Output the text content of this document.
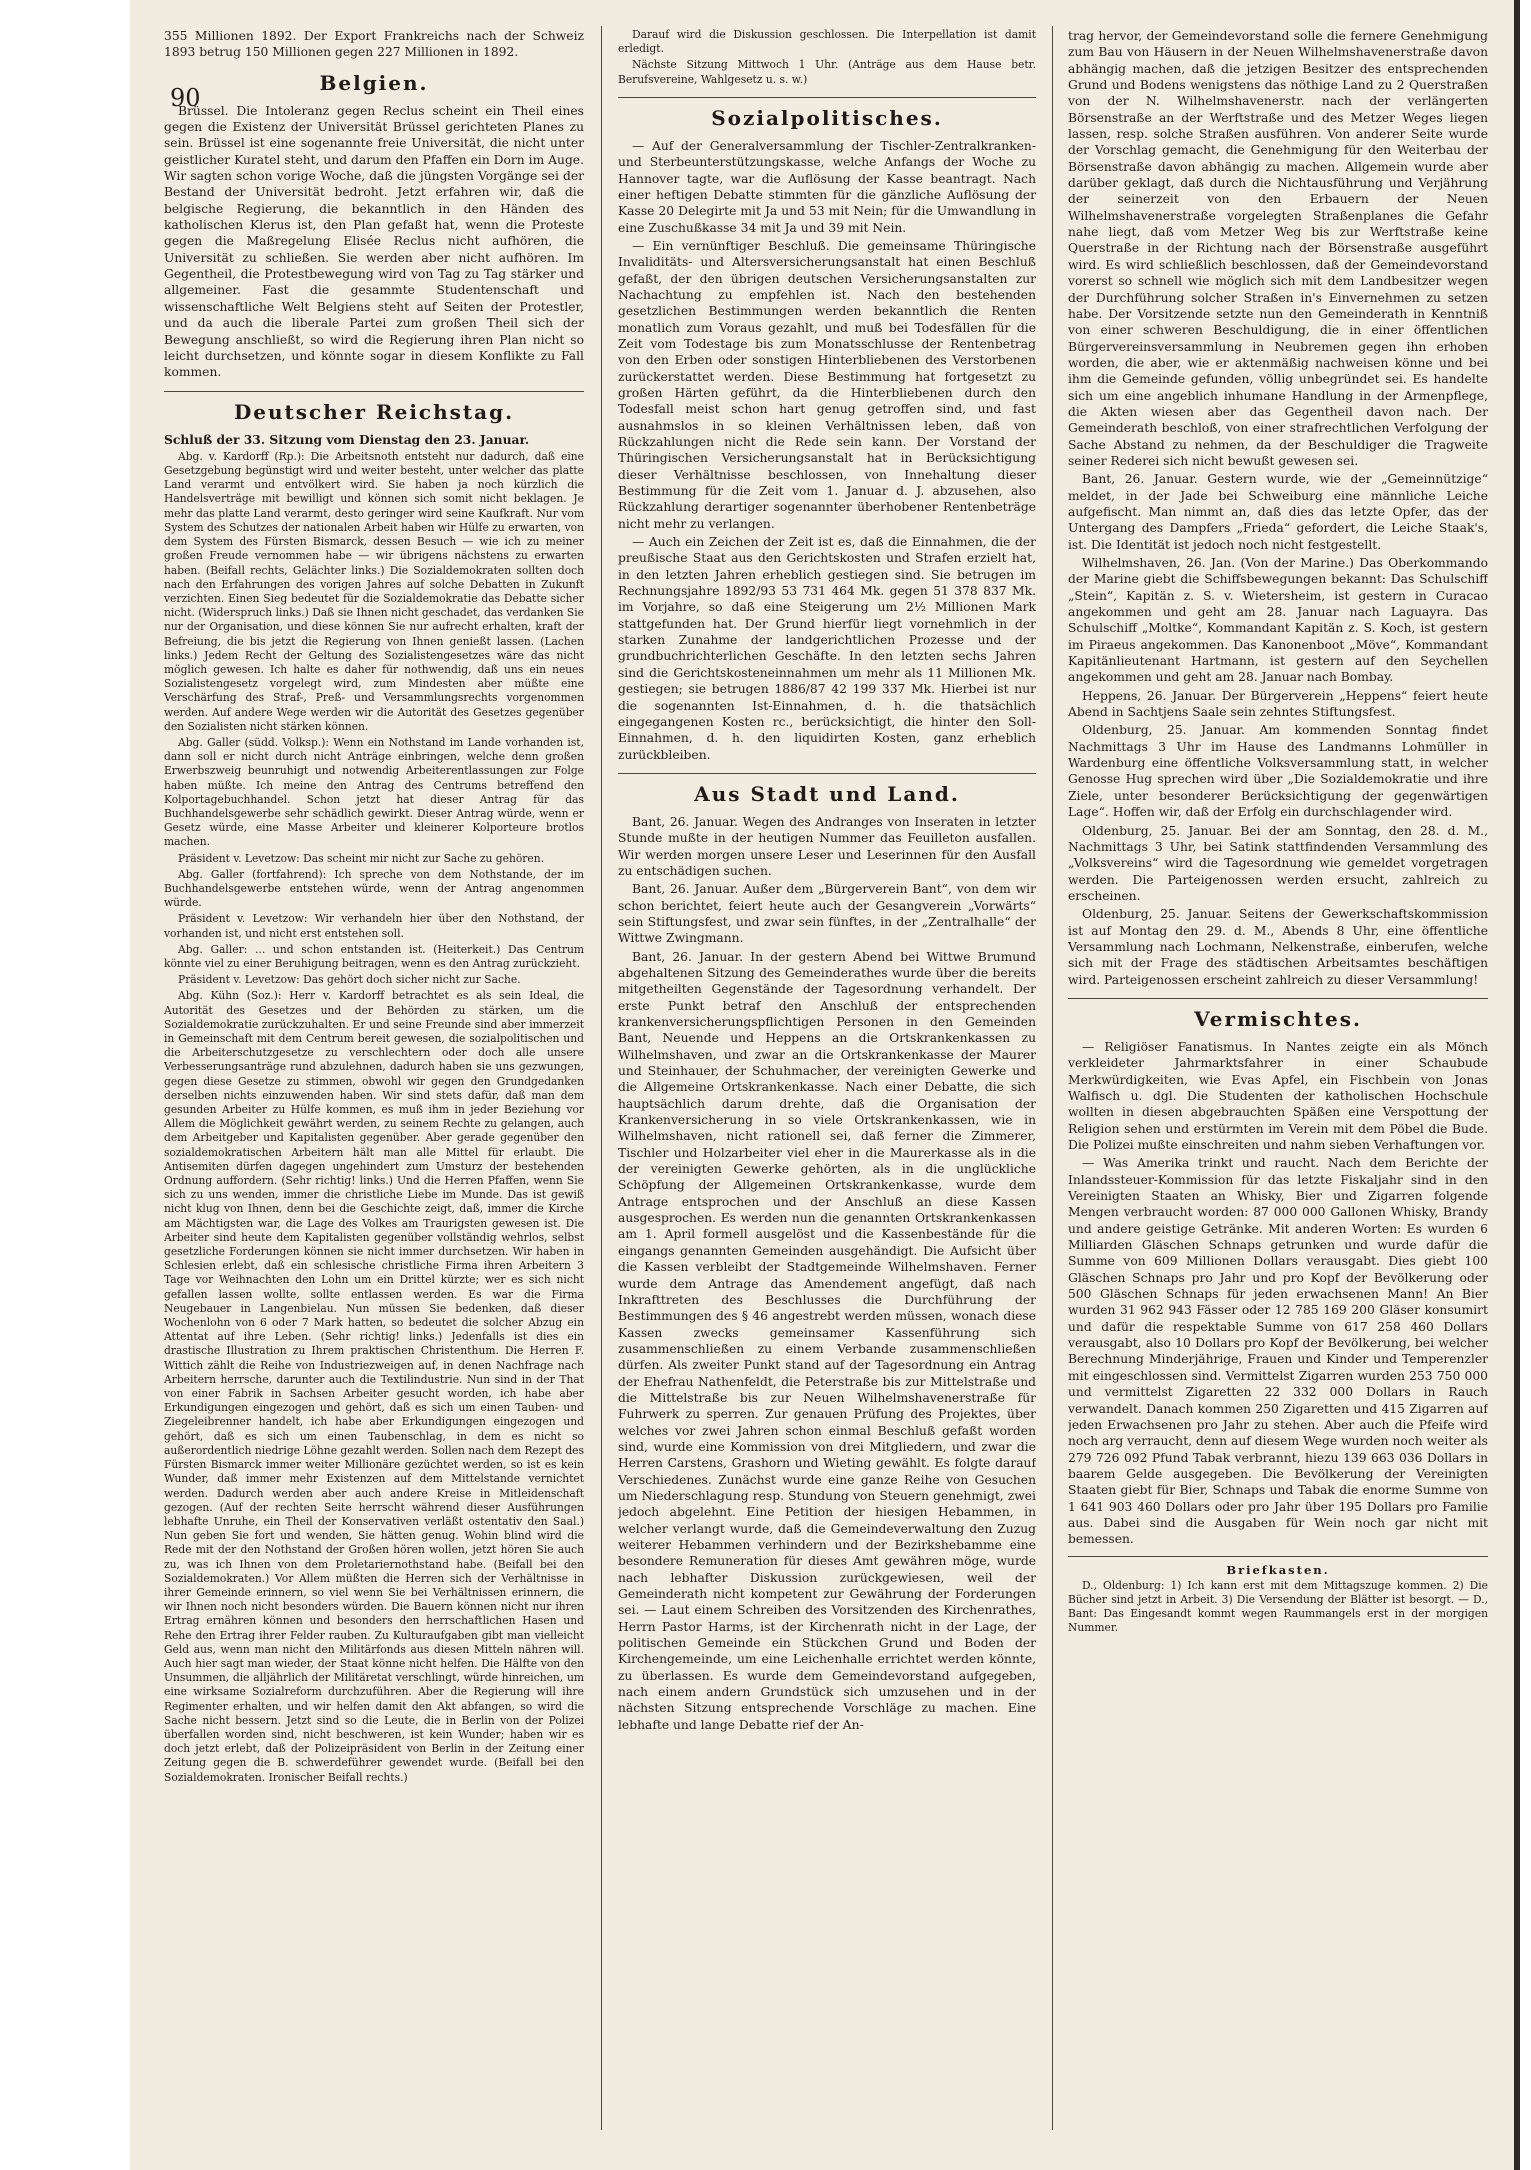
90

355 Millionen 1892. Der Export Frankreichs nach der Schweiz 1893 betrug 150 Millionen gegen 227 Millionen in 1892.

Belgien.

Brüssel. Die Intoleranz gegen Reclus scheint ein Theil eines gegen die Existenz der Universität Brüssel gerichteten Planes zu sein. Brüssel ist eine sogenannte freie Universität, die nicht unter geistlicher Kuratel steht, und darum den Pfaffen ein Dorn im Auge. Wir sagten schon vorige Woche, daß die jüngsten Vorgänge sei der Bestand der Universität bedroht. Jetzt erfahren wir, daß die belgische Regierung, die bekanntlich in den Händen des katholischen Klerus ist, den Plan gefaßt hat, wenn die Proteste gegen die Maßregelung Elisée Reclus nicht aufhören, die Universität zu schließen. Sie werden aber nicht aufhören. Im Gegentheil, die Protestbewegung wird von Tag zu Tag stärker und allgemeiner. Fast die gesammte Studentenschaft und wissenschaftliche Welt Belgiens steht auf Seiten der Protestler, und da auch die liberale Partei zum großen Theil sich der Bewegung anschließt, so wird die Regierung ihren Plan nicht so leicht durchsetzen, und könnte sogar in diesem Konflikte zu Fall kommen.

Deutscher Reichstag.

Schluß der 33. Sitzung vom Dienstag den 23. Januar.

Abg. v. Kardorff (Rp.): Die Arbeitsnoth entsteht nur dadurch, daß eine Gesetzgebung begünstigt wird und weiter besteht, unter welcher das platte Land verarmt und entvölkert wird. Sie haben ja noch kürzlich die Handelsverträge mit bewilligt und können sich somit nicht beklagen. Je mehr das platte Land verarmt, desto geringer wird seine Kaufkraft. Nur vom System des Schutzes der nationalen Arbeit haben wir Hülfe zu erwarten, von dem System des Fürsten Bismarck, dessen Besuch — wie ich zu meiner großen Freude vernommen habe — wir übrigens nächstens zu erwarten haben. (Beifall rechts, Gelächter links.) Die Sozialdemokraten sollten doch nach den Erfahrungen des vorigen Jahres auf solche Debatten in Zukunft verzichten. Einen Sieg bedeutet für die Sozialdemokratie das Debatte sicher nicht. (Widerspruch links.) Daß sie Ihnen nicht geschadet, das verdanken Sie nur der Organisation, und diese können Sie nur aufrecht erhalten, kraft der Befreiung, die bis jetzt die Regierung von Ihnen genießt lassen. (Lachen links.) Jedem Recht der Geltung des Sozialistengesetzes wäre das nicht möglich gewesen. Ich halte es daher für nothwendig, daß uns ein neues Sozialistengesetz vorgelegt wird, zum Mindesten aber müßte eine Verschärfung des Straf-, Preß- und Versammlungsrechts vorgenommen werden. Auf andere Wege werden wir die Autorität des Gesetzes gegenüber den Sozialisten nicht stärken können.

Abg. Galler (südd. Volksp.): Wenn ein Nothstand im Lande vorhanden ist, dann soll er nicht durch nicht Anträge einbringen, welche denn großen Erwerbszweig beunruhigt und notwendig Arbeiterentlassungen zur Folge haben müßte. Ich meine den Antrag des Centrums betreffend den Kolportagebuchhandel. Schon jetzt hat dieser Antrag für das Buchhandelsgewerbe sehr schädlich gewirkt. Dieser Antrag würde, wenn er Gesetz würde, eine Masse Arbeiter und kleinerer Kolporteure brotlos machen.

Präsident v. Levetzow: Das scheint mir nicht zur Sache zu gehören.

Abg. Galler (fortfahrend): Ich spreche von dem Nothstande, der im Buchhandelsgewerbe entstehen würde, wenn der Antrag angenommen würde.

Präsident v. Levetzow: Wir verhandeln hier über den Nothstand, der vorhanden ist, und nicht erst entstehen soll.

Abg. Galler: ... und schon entstanden ist. (Heiterkeit.) Das Centrum könnte viel zu einer Beruhigung beitragen, wenn es den Antrag zurückzieht.

Präsident v. Levetzow: Das gehört doch sicher nicht zur Sache.

Abg. Kühn (Soz.): Herr v. Kardorff betrachtet es als sein Ideal, die Autorität des Gesetzes und der Behörden zu stärken, um die Sozialdemokratie zurückzuhalten. Er und seine Freunde sind aber immerzeit in Gemeinschaft mit dem Centrum bereit gewesen, die sozialpolitischen und die Arbeiterschutzgesetze zu verschlechtern oder doch alle unsere Verbesserungsanträge rund abzulehnen, dadurch haben sie uns gezwungen, gegen diese Gesetze zu stimmen, obwohl wir gegen den Grundgedanken derselben nichts einzuwenden haben. Wir sind stets dafür, daß man dem gesunden Arbeiter zu Hülfe kommen, es muß ihm in jeder Beziehung vor Allem die Möglichkeit gewährt werden, zu seinem Rechte zu gelangen, auch dem Arbeitgeber und Kapitalisten gegenüber. Aber gerade gegenüber den sozialdemokratischen Arbeitern hält man alle Mittel für erlaubt. Die Antisemiten dürfen dagegen ungehindert zum Umsturz der bestehenden Ordnung auffordern. (Sehr richtig! links.) Und die Herren Pfaffen, wenn Sie sich zu uns wenden, immer die christliche Liebe im Munde. Das ist gewiß nicht klug von Ihnen, denn bei die Geschichte zeigt, daß, immer die Kirche am Mächtigsten war, die Lage des Volkes am Traurigsten gewesen ist. Die Arbeiter sind heute dem Kapitalisten gegenüber vollständig wehrlos, selbst gesetzliche Forderungen können sie nicht immer durchsetzen. Wir haben in Schlesien erlebt, daß ein schlesische christliche Firma ihren Arbeitern 3 Tage vor Weihnachten den Lohn um ein Drittel kürzte; wer es sich nicht gefallen lassen wollte, sollte entlassen werden. Es war die Firma Neugebauer in Langenbielau. Nun müssen Sie bedenken, daß dieser Wochenlohn von 6 oder 7 Mark hatten, so bedeutet die solcher Abzug ein Attentat auf ihre Leben. (Sehr richtig! links.) Jedenfalls ist dies ein drastische Illustration zu Ihrem praktischen Christenthum. Die Herren F. Wittich zählt die Reihe von Industriezweigen auf, in denen Nachfrage nach Arbeitern herrsche, darunter auch die Textilindustrie. Nun sind in der That von einer Fabrik in Sachsen Arbeiter gesucht worden, ich habe aber Erkundigungen eingezogen und gehört, daß es sich um einen Tauben- und Ziegeleibrenner handelt, ich habe aber Erkundigungen eingezogen und gehört, daß es sich um einen Taubenschlag, in dem es nicht so außerordentlich niedrige Löhne gezahlt werden. Sollen nach dem Rezept des Fürsten Bismarck immer weiter Millionäre gezüchtet werden, so ist es kein Wunder, daß immer mehr Existenzen auf dem Mittelstande vernichtet werden. Dadurch werden aber auch andere Kreise in Mitleidenschaft gezogen. (Auf der rechten Seite herrscht während dieser Ausführungen lebhafte Unruhe, ein Theil der Konservativen verläßt ostentativ den Saal.) Nun geben Sie fort und wenden, Sie hätten genug. Wohin blind wird die Rede mit der den Nothstand der Großen hören wollen, jetzt hören Sie auch zu, was ich Ihnen von dem Proletariernothstand habe. (Beifall bei den Sozialdemokraten.) Vor Allem müßten die Herren sich der Verhältnisse in ihrer Gemeinde erinnern, so viel wenn Sie bei Verhältnissen erinnern, die wir Ihnen noch nicht besonders würden. Die Bauern können nicht nur ihren Ertrag ernähren können und besonders den herrschaftlichen Hasen und Rehe den Ertrag ihrer Felder rauben. Zu Kulturaufgaben gibt man vielleicht Geld aus, wenn man nicht den Militärfonds aus diesen Mitteln nähren will. Auch hier sagt man wieder, der Staat könne nicht helfen. Die Hälfte von den Unsummen, die alljährlich der Militäretat verschlingt, würde hinreichen, um eine wirksame Sozialreform durchzuführen. Aber die Regierung will ihre Regimenter erhalten, und wir helfen damit den Akt abfangen, so wird die Sache nicht bessern. Jetzt sind so die Leute, die in Berlin von der Polizei überfallen worden sind, nicht beschweren, ist kein Wunder; haben wir es doch jetzt erlebt, daß der Polizeipräsident von Berlin in der Zeitung einer Zeitung gegen die B. schwerdeführer gewendet wurde. (Beifall bei den Sozialdemokraten. Ironischer Beifall rechts.)

Darauf wird die Diskussion geschlossen. Die Interpellation ist damit erledigt.

Nächste Sitzung Mittwoch 1 Uhr. (Anträge aus dem Hause betr. Berufsvereine, Wahlgesetz u. s. w.)

Sozialpolitisches.

— Auf der Generalversammlung der Tischler-Zentralkranken- und Sterbeunterstützungskasse, welche Anfangs der Woche zu Hannover tagte, war die Auflösung der Kasse beantragt. Nach einer heftigen Debatte stimmten für die gänzliche Auflösung der Kasse 20 Delegirte mit Ja und 53 mit Nein; für die Umwandlung in eine Zuschußkasse 34 mit Ja und 39 mit Nein.

— Ein vernünftiger Beschluß. Die gemeinsame Thüringische Invaliditäts- und Altersversicherungsanstalt hat einen Beschluß gefaßt, der den übrigen deutschen Versicherungsanstalten zur Nachachtung zu empfehlen ist. Nach den bestehenden gesetzlichen Bestimmungen werden bekanntlich die Renten monatlich zum Voraus gezahlt, und muß bei Todesfällen für die Zeit vom Todestage bis zum Monatsschlusse der Rentenbetrag von den Erben oder sonstigen Hinterbliebenen des Verstorbenen zurückerstattet werden. Diese Bestimmung hat fortgesetzt zu großen Härten geführt, da die Hinterbliebenen durch den Todesfall meist schon hart genug getroffen sind, und fast ausnahmslos in so kleinen Verhältnissen leben, daß von Rückzahlungen nicht die Rede sein kann. Der Vorstand der Thüringischen Versicherungsanstalt hat in Berücksichtigung dieser Verhältnisse beschlossen, von Innehaltung dieser Bestimmung für die Zeit vom 1. Januar d. J. abzusehen, also Rückzahlung derartiger sogenannter überhobener Rentenbeträge nicht mehr zu verlangen.

— Auch ein Zeichen der Zeit ist es, daß die Einnahmen, die der preußische Staat aus den Gerichtskosten und Strafen erzielt hat, in den letzten Jahren erheblich gestiegen sind. Sie betrugen im Rechnungsjahre 1892/93 53 731 464 Mk. gegen 51 378 837 Mk. im Vorjahre, so daß eine Steigerung um 2½ Millionen Mark stattgefunden hat. Der Grund hierfür liegt vornehmlich in der starken Zunahme der landgerichtlichen Prozesse und der grundbuchrichterlichen Geschäfte. In den letzten sechs Jahren sind die Gerichtskosteneinnahmen um mehr als 11 Millionen Mk. gestiegen; sie betrugen 1886/87 42 199 337 Mk. Hierbei ist nur die sogenannten Ist-Einnahmen, d. h. die thatsächlich eingegangenen Kosten rc., berücksichtigt, die hinter den Soll-Einnahmen, d. h. den liquidirten Kosten, ganz erheblich zurückbleiben.

Aus Stadt und Land.

Bant, 26. Januar. Wegen des Andranges von Inseraten in letzter Stunde mußte in der heutigen Nummer das Feuilleton ausfallen. Wir werden morgen unsere Leser und Leserinnen für den Ausfall zu entschädigen suchen.

Bant, 26. Januar. Außer dem „Bürgerverein Bant“, von dem wir schon berichtet, feiert heute auch der Gesangverein „Vorwärts“ sein Stiftungsfest, und zwar sein fünftes, in der „Zentralhalle“ der Wittwe Zwingmann.

Bant, 26. Januar. In der gestern Abend bei Wittwe Brumund abgehaltenen Sitzung des Gemeinderathes wurde über die bereits mitgetheilten Gegenstände der Tagesordnung verhandelt. Der erste Punkt betraf den Anschluß der entsprechenden krankenversicherungspflichtigen Personen in den Gemeinden Bant, Neuende und Heppens an die Ortskrankenkassen zu Wilhelmshaven, und zwar an die Ortskrankenkasse der Maurer und Steinhauer, der Schuhmacher, der vereinigten Gewerke und die Allgemeine Ortskrankenkasse. Nach einer Debatte, die sich hauptsächlich darum drehte, daß die Organisation der Krankenversicherung in so viele Ortskrankenkassen, wie in Wilhelmshaven, nicht rationell sei, daß ferner die Zimmerer, Tischler und Holzarbeiter viel eher in die Maurerkasse als in die der vereinigten Gewerke gehörten, als in die unglückliche Schöpfung der Allgemeinen Ortskrankenkasse, wurde dem Antrage entsprochen und der Anschluß an diese Kassen ausgesprochen. Es werden nun die genannten Ortskrankenkassen am 1. April formell ausgelöst und die Kassenbestände für die eingangs genannten Gemeinden ausgehändigt. Die Aufsicht über die Kassen verbleibt der Stadtgemeinde Wilhelmshaven. Ferner wurde dem Antrage das Amendement angefügt, daß nach Inkrafttreten des Beschlusses die Durchführung der Bestimmungen des § 46 angestrebt werden müssen, wonach diese Kassen zwecks gemeinsamer Kassenführung sich zusammenschließen zu einem Verbande zusammenschließen dürfen. Als zweiter Punkt stand auf der Tagesordnung ein Antrag der Ehefrau Nathenfeldt, die Peterstraße bis zur Mittelstraße und die Mittelstraße bis zur Neuen Wilhelmshavenerstraße für Fuhrwerk zu sperren. Zur genauen Prüfung des Projektes, über welches vor zwei Jahren schon einmal Beschluß gefaßt worden sind, wurde eine Kommission von drei Mitgliedern, und zwar die Herren Carstens, Grashorn und Wieting gewählt. Es folgte darauf Verschiedenes. Zunächst wurde eine ganze Reihe von Gesuchen um Niederschlagung resp. Stundung von Steuern genehmigt, zwei jedoch abgelehnt. Eine Petition der hiesigen Hebammen, in welcher verlangt wurde, daß die Gemeindeverwaltung den Zuzug weiterer Hebammen verhindern und der Bezirkshebamme eine besondere Remuneration für dieses Amt gewähren möge, wurde nach lebhafter Diskussion zurückgewiesen, weil der Gemeinderath nicht kompetent zur Gewährung der Forderungen sei. — Laut einem Schreiben des Vorsitzenden des Kirchenrathes, Herrn Pastor Harms, ist der Kirchenrath nicht in der Lage, der politischen Gemeinde ein Stückchen Grund und Boden der Kirchengemeinde, um eine Leichenhalle errichtet werden könnte, zu überlassen. Es wurde dem Gemeindevorstand aufgegeben, nach einem andern Grundstück sich umzusehen und in der nächsten Sitzung entsprechende Vorschläge zu machen. Eine lebhafte und lange Debatte rief der An-

trag hervor, der Gemeindevorstand solle die fernere Genehmigung zum Bau von Häusern in der Neuen Wilhelmshavenerstraße davon abhängig machen, daß die jetzigen Besitzer des entsprechenden Grund und Bodens wenigstens das nöthige Land zu 2 Querstraßen von der N. Wilhelmshavenerstr. nach der verlängerten Börsenstraße an der Werftstraße und des Metzer Weges liegen lassen, resp. solche Straßen ausführen. Von anderer Seite wurde der Vorschlag gemacht, die Genehmigung für den Weiterbau der Börsenstraße davon abhängig zu machen. Allgemein wurde aber darüber geklagt, daß durch die Nichtausführung und Verjährung der seinerzeit von den Erbauern der Neuen Wilhelmshavenerstraße vorgelegten Straßenplanes die Gefahr nahe liegt, daß vom Metzer Weg bis zur Werftstraße keine Querstraße in der Richtung nach der Börsenstraße ausgeführt wird. Es wird schließlich beschlossen, daß der Gemeindevorstand vorerst so schnell wie möglich sich mit dem Landbesitzer wegen der Durchführung solcher Straßen in's Einvernehmen zu setzen habe. Der Vorsitzende setzte nun den Gemeinderath in Kenntniß von einer schweren Beschuldigung, die in einer öffentlichen Bürgervereinsversammlung in Neubremen gegen ihn erhoben worden, die aber, wie er aktenmäßig nachweisen könne und bei ihm die Gemeinde gefunden, völlig unbegründet sei. Es handelte sich um eine angeblich inhumane Handlung in der Armenpflege, die Akten wiesen aber das Gegentheil davon nach. Der Gemeinderath beschloß, von einer strafrechtlichen Verfolgung der Sache Abstand zu nehmen, da der Beschuldiger die Tragweite seiner Rederei sich nicht bewußt gewesen sei.

Bant, 26. Januar. Gestern wurde, wie der „Gemeinnützige“ meldet, in der Jade bei Schweiburg eine männliche Leiche aufgefischt. Man nimmt an, daß dies das letzte Opfer, das der Untergang des Dampfers „Frieda“ gefordert, die Leiche Staak's, ist. Die Identität ist jedoch noch nicht festgestellt.

Wilhelmshaven, 26. Jan. (Von der Marine.) Das Oberkommando der Marine giebt die Schiffsbewegungen bekannt: Das Schulschiff „Stein“, Kapitän z. S. v. Wietersheim, ist gestern in Curacao angekommen und geht am 28. Januar nach Laguayra. Das Schulschiff „Moltke“, Kommandant Kapitän z. S. Koch, ist gestern im Piraeus angekommen. Das Kanonenboot „Möve“, Kommandant Kapitänlieutenant Hartmann, ist gestern auf den Seychellen angekommen und geht am 28. Januar nach Bombay.

Heppens, 26. Januar. Der Bürgerverein „Heppens“ feiert heute Abend in Sachtjens Saale sein zehntes Stiftungsfest.

Oldenburg, 25. Januar. Am kommenden Sonntag findet Nachmittags 3 Uhr im Hause des Landmanns Lohmüller in Wardenburg eine öffentliche Volksversammlung statt, in welcher Genosse Hug sprechen wird über „Die Sozialdemokratie und ihre Ziele, unter besonderer Berücksichtigung der gegenwärtigen Lage“. Hoffen wir, daß der Erfolg ein durchschlagender wird.

Oldenburg, 25. Januar. Bei der am Sonntag, den 28. d. M., Nachmittags 3 Uhr, bei Satink stattfindenden Versammlung des „Volksvereins“ wird die Tagesordnung wie gemeldet vorgetragen werden. Die Parteigenossen werden ersucht, zahlreich zu erscheinen.

Oldenburg, 25. Januar. Seitens der Gewerkschaftskommission ist auf Montag den 29. d. M., Abends 8 Uhr, eine öffentliche Versammlung nach Lochmann, Nelkenstraße, einberufen, welche sich mit der Frage des städtischen Arbeitsamtes beschäftigen wird. Parteigenossen erscheint zahlreich zu dieser Versammlung!

Vermischtes.

— Religiöser Fanatismus. In Nantes zeigte ein als Mönch verkleideter Jahrmarktsfahrer in einer Schaubude Merkwürdigkeiten, wie Evas Apfel, ein Fischbein von Jonas Walfisch u. dgl. Die Studenten der katholischen Hochschule wollten in diesen abgebrauchten Späßen eine Verspottung der Religion sehen und erstürmten im Verein mit dem Pöbel die Bude. Die Polizei mußte einschreiten und nahm sieben Verhaftungen vor.

— Was Amerika trinkt und raucht. Nach dem Berichte der Inlandssteuer-Kommission für das letzte Fiskaljahr sind in den Vereinigten Staaten an Whisky, Bier und Zigarren folgende Mengen verbraucht worden: 87 000 000 Gallonen Whisky, Brandy und andere geistige Getränke. Mit anderen Worten: Es wurden 6 Milliarden Gläschen Schnaps getrunken und wurde dafür die Summe von 609 Millionen Dollars verausgabt. Dies giebt 100 Gläschen Schnaps pro Jahr und pro Kopf der Bevölkerung oder 500 Gläschen Schnaps für jeden erwachsenen Mann! An Bier wurden 31 962 943 Fässer oder 12 785 169 200 Gläser konsumirt und dafür die respektable Summe von 617 258 460 Dollars verausgabt, also 10 Dollars pro Kopf der Bevölkerung, bei welcher Berechnung Minderjährige, Frauen und Kinder und Temperenzler mit eingeschlossen sind. Vermittelst Zigarren wurden 253 750 000 und vermittelst Zigaretten 22 332 000 Dollars in Rauch verwandelt. Danach kommen 250 Zigaretten und 415 Zigarren auf jeden Erwachsenen pro Jahr zu stehen. Aber auch die Pfeife wird noch arg verraucht, denn auf diesem Wege wurden noch weiter als 279 726 092 Pfund Tabak verbrannt, hiezu 139 663 036 Dollars in baarem Gelde ausgegeben. Die Bevölkerung der Vereinigten Staaten giebt für Bier, Schnaps und Tabak die enorme Summe von 1 641 903 460 Dollars oder pro Jahr über 195 Dollars pro Familie aus. Dabei sind die Ausgaben für Wein noch gar nicht mit bemessen.

Briefkasten.

D., Oldenburg: 1) Ich kann erst mit dem Mittagszuge kommen. 2) Die Bücher sind jetzt in Arbeit. 3) Die Versendung der Blätter ist besorgt. — D., Bant: Das Eingesandt kommt wegen Raummangels erst in der morgigen Nummer.
